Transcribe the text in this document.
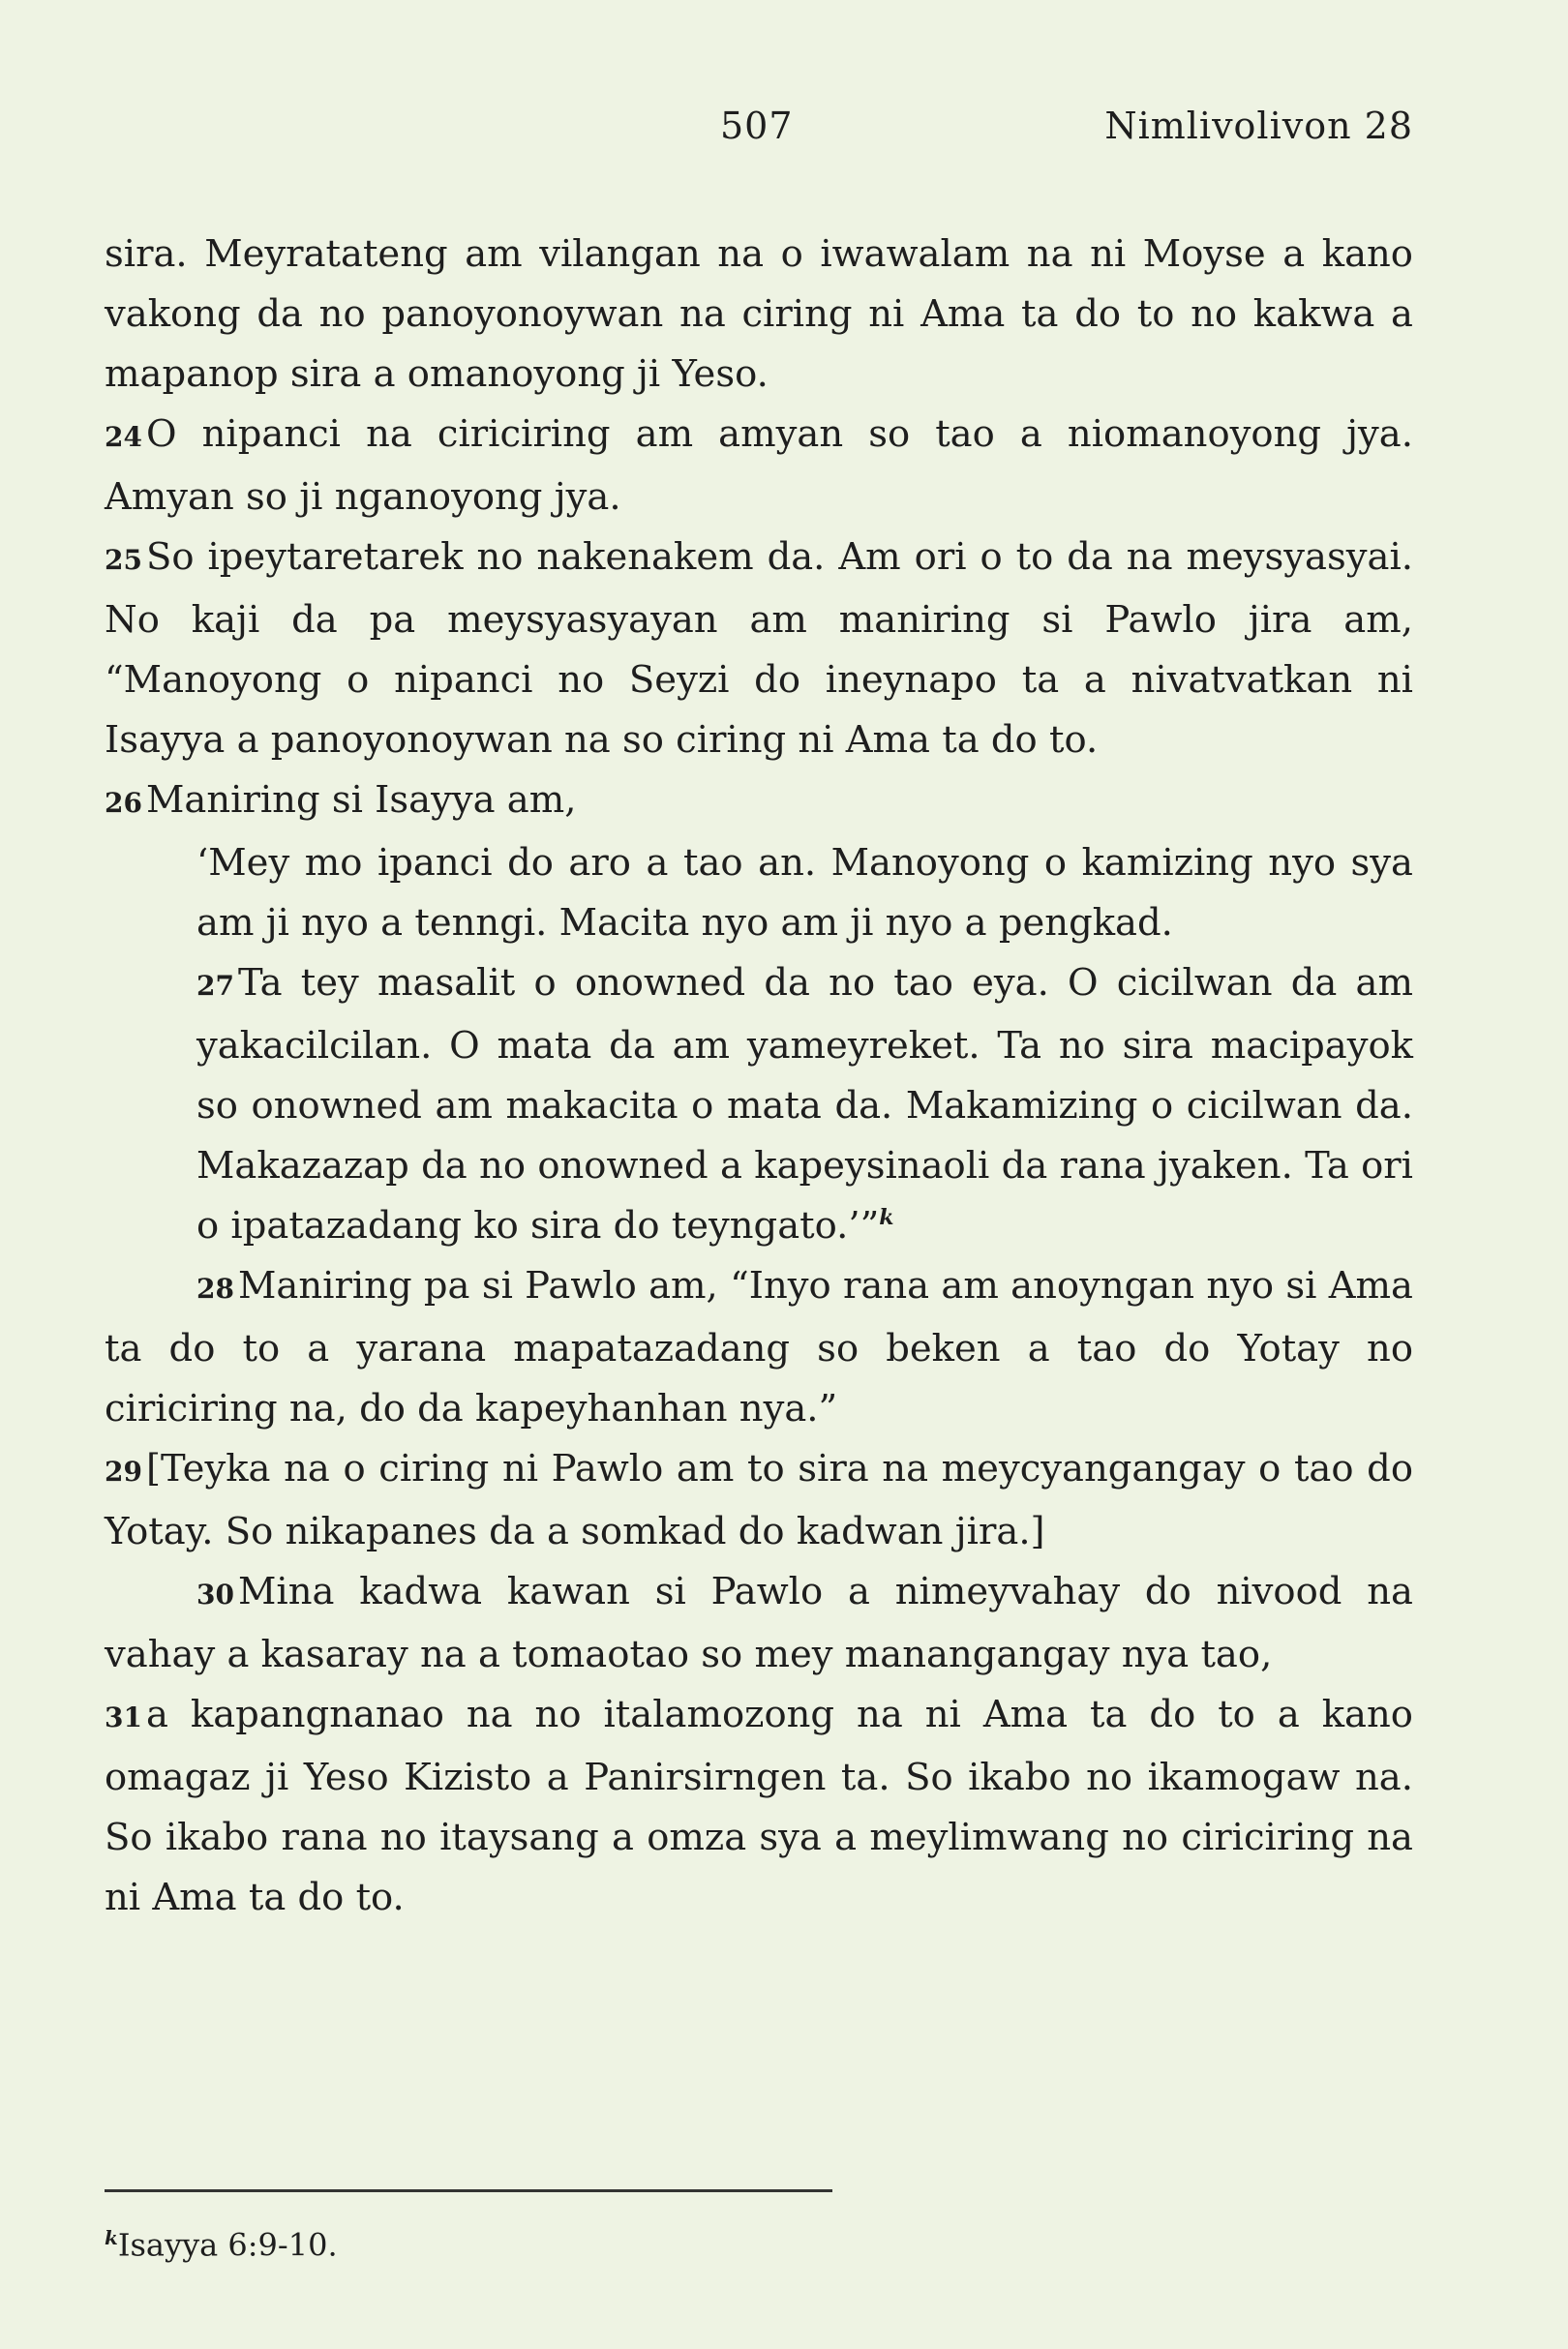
507	Nimlivolivon 28

sira. Meyratateng am vilangan na o iwawalam na ni Moyse a kano vakong da no panoyonoywan na ciring ni Ama ta do to no kakwa a mapanop sira a omanoyong ji Yeso.

24 O nipanci na ciriciring am amyan so tao a niomanoyong jya. Amyan so ji nganoyong jya.

25 So ipeytaretarek no nakenakem da. Am ori o to da na meysyasyai. No kaji da pa meysyasyayan am maniring si Pawlo jira am, “Manoyong o nipanci no Seyzi do ineynapo ta a nivatvatkan ni Isayya a panoyonoywan na so ciring ni Ama ta do to.

26 Maniring si Isayya am,

‘Mey mo ipanci do aro a tao an. Manoyong o kamizing nyo sya am ji nyo a tenngi. Macita nyo am ji nyo a pengkad.

27 Ta tey masalit o onowned da no tao eya. O cicilwan da am yakacilcilan. O mata da am yameyreket. Ta no sira macipayok so onowned am makacita o mata da. Makamizing o cicilwan da. Makazazap da no onowned a kapeysinaoli da rana jyaken. Ta ori o ipatazadang ko sira do teyngato.’”$^k$

28 Maniring pa si Pawlo am, “Inyo rana am anoyngan nyo si Ama ta do to a yarana mapatazadang so beken a tao do Yotay no ciriciring na, do da kapeyhanhan nya.”

29 [Teyka na o ciring ni Pawlo am to sira na meycyangangay o tao do Yotay. So nikapanes da a somkad do kadwan jira.]

30 Mina kadwa kawan si Pawlo a nimeyvahay do nivood na vahay a kasaray na a tomaotao so mey manangangay nya tao,

31 a kapangnanao na no italamozong na ni Ama ta do to a kano omagaz ji Yeso Kizisto a Panirsirngen ta. So ikabo no ikamogaw na. So ikabo rana no itaysang a omza sya a meylimwang no ciriciring na ni Ama ta do to.

$^k$Isayya 6:9-10.
